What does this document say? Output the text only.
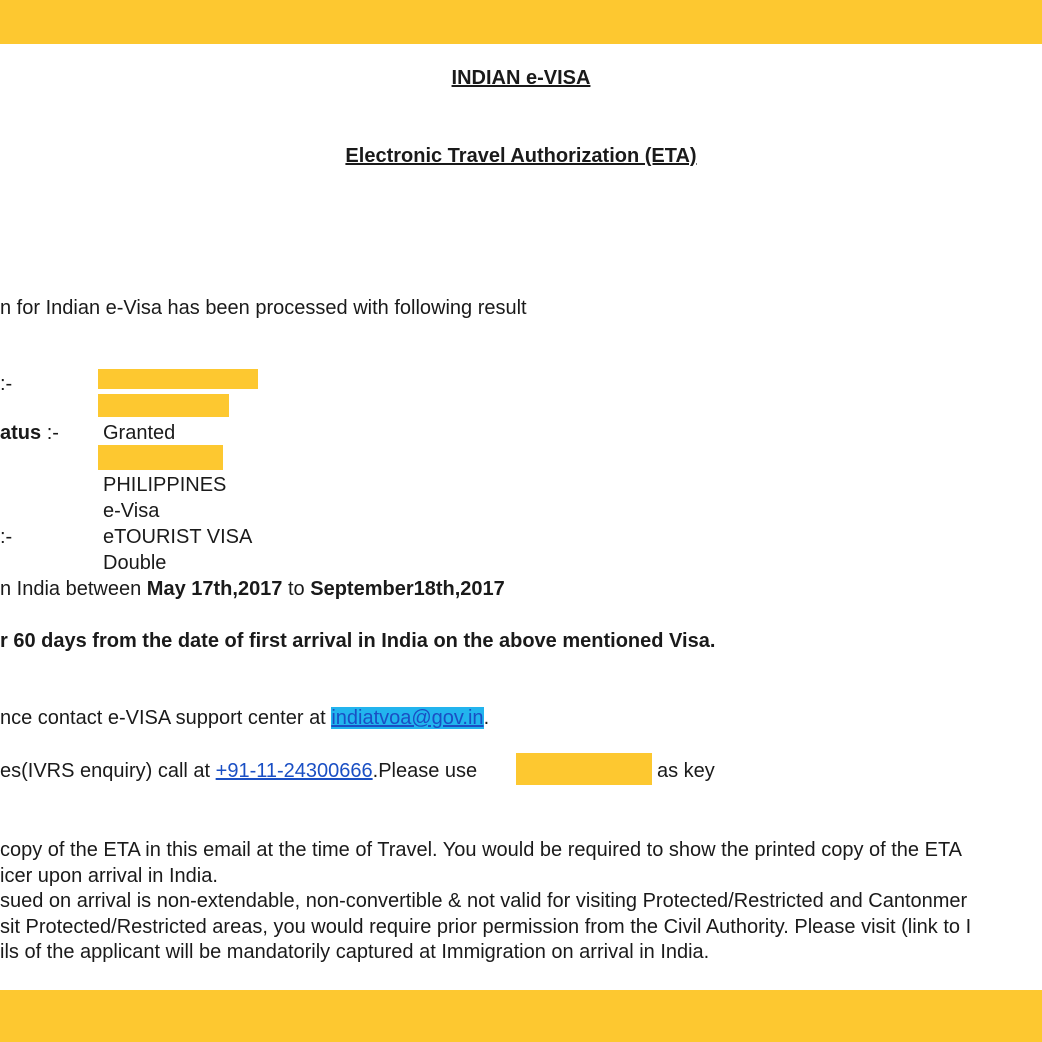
INDIAN e-VISA
Electronic Travel Authorization (ETA)
n for Indian e-Visa has been processed with following result
:-
atus :- Granted
PHILIPPINES
e-Visa
:-	eTOURIST VISA
Double
n India between May 17th,2017 to September18th,2017
r 60 days from the date of first arrival in India on the above mentioned Visa.
nce contact e-VISA support center at indiatvoa@gov.in.
es(IVRS enquiry) call at +91-11-24300666.Please use	as key
copy of the ETA in this email at the time of Travel. You would be required to show the printed copy of the ETA
icer upon arrival in India.
sued on arrival is non-extendable, non-convertible & not valid for visiting Protected/Restricted and Cantonmer
sit Protected/Restricted areas, you would require prior permission from the Civil Authority. Please visit (link to I
ils of the applicant will be mandatorily captured at Immigration on arrival in India.
